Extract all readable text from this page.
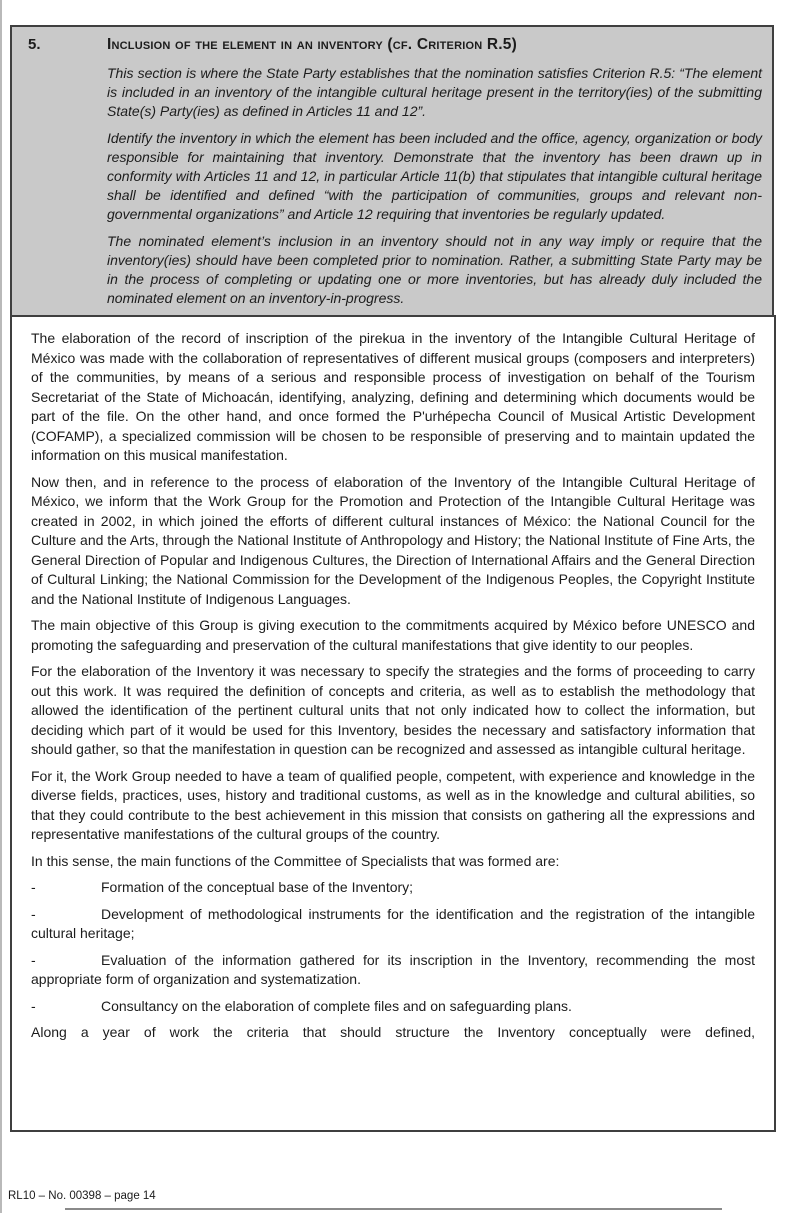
5.	Inclusion of the element in an inventory (cf. Criterion R.5)

This section is where the State Party establishes that the nomination satisfies Criterion R.5: “The element is included in an inventory of the intangible cultural heritage present in the territory(ies) of the submitting State(s) Party(ies) as defined in Articles 11 and 12”.

Identify the inventory in which the element has been included and the office, agency, organization or body responsible for maintaining that inventory. Demonstrate that the inventory has been drawn up in conformity with Articles 11 and 12, in particular Article 11(b) that stipulates that intangible cultural heritage shall be identified and defined “with the participation of communities, groups and relevant non-governmental organizations” and Article 12 requiring that inventories be regularly updated.

The nominated element’s inclusion in an inventory should not in any way imply or require that the inventory(ies) should have been completed prior to nomination. Rather, a submitting State Party may be in the process of completing or updating one or more inventories, but has already duly included the nominated element on an inventory-in-progress.

The elaboration of the record of inscription of the pirekua in the inventory of the Intangible Cultural Heritage of México was made with the collaboration of representatives of different musical groups (composers and interpreters) of the communities, by means of a serious and responsible process of investigation on behalf of the Tourism Secretariat of the State of Michoacán, identifying, analyzing, defining and determining which documents would be part of the file. On the other hand, and once formed the P'urhépecha Council of Musical Artistic Development (COFAMP), a specialized commission will be chosen to be responsible of preserving and to maintain updated the information on this musical manifestation.

Now then, and in reference to the process of elaboration of the Inventory of the Intangible Cultural Heritage of México, we inform that the Work Group for the Promotion and Protection of the Intangible Cultural Heritage was created in 2002, in which joined the efforts of different cultural instances of México: the National Council for the Culture and the Arts, through the National Institute of Anthropology and History; the National Institute of Fine Arts, the General Direction of Popular and Indigenous Cultures, the Direction of International Affairs and the General Direction of Cultural Linking; the National Commission for the Development of the Indigenous Peoples, the Copyright Institute and the National Institute of Indigenous Languages.

The main objective of this Group is giving execution to the commitments acquired by México before UNESCO and promoting the safeguarding and preservation of the cultural manifestations that give identity to our peoples.

For the elaboration of the Inventory it was necessary to specify the strategies and the forms of proceeding to carry out this work. It was required the definition of concepts and criteria, as well as to establish the methodology that allowed the identification of the pertinent cultural units that not only indicated how to collect the information, but deciding which part of it would be used for this Inventory, besides the necessary and satisfactory information that should gather, so that the manifestation in question can be recognized and assessed as intangible cultural heritage.

For it, the Work Group needed to have a team of qualified people, competent, with experience and knowledge in the diverse fields, practices, uses, history and traditional customs, as well as in the knowledge and cultural abilities, so that they could contribute to the best achievement in this mission that consists on gathering all the expressions and representative manifestations of the cultural groups of the country.

In this sense, the main functions of the Committee of Specialists that was formed are:

-	Formation of the conceptual base of the Inventory;

-	Development of methodological instruments for the identification and the registration of the intangible cultural heritage;

-	Evaluation of the information gathered for its inscription in the Inventory, recommending the most appropriate form of organization and systematization.

-	Consultancy on the elaboration of complete files and on safeguarding plans.

Along a year of work the criteria that should structure the Inventory conceptually were defined,

RL10 – No. 00398 – page 14
